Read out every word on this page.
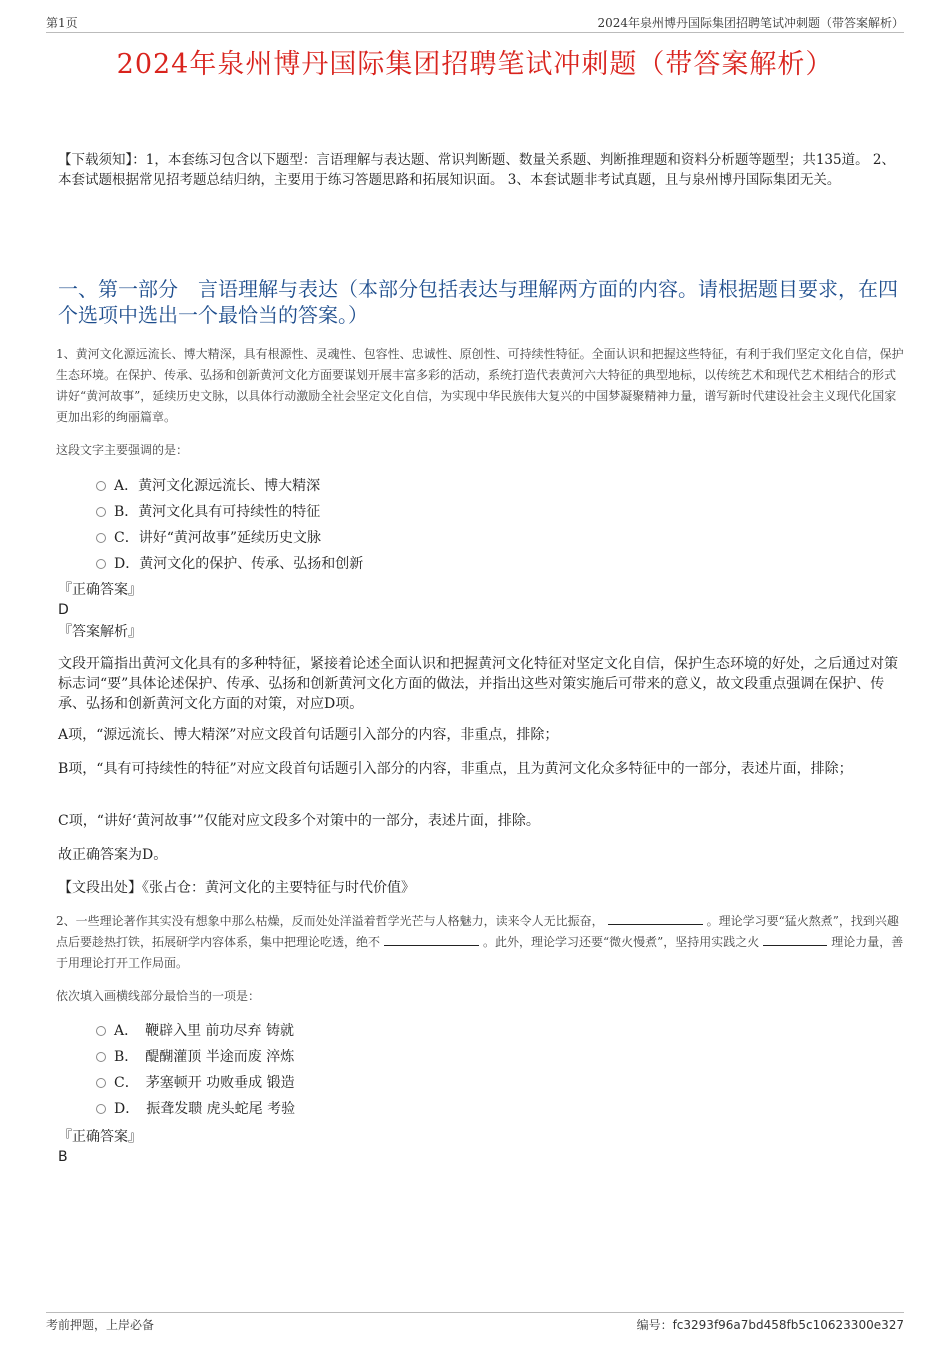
第1页	2024年泉州博丹国际集团招聘笔试冲刺题（带答案解析）
2024年泉州博丹国际集团招聘笔试冲刺题（带答案解析）
【下载须知】：1，本套练习包含以下题型：言语理解与表达题、常识判断题、数量关系题、判断推理题和资料分析题等题型；共135道。 2、本套试题根据常见招考题总结归纳，主要用于练习答题思路和拓展知识面。 3、本套试题非考试真题，且与泉州博丹国际集团无关。
一、第一部分　言语理解与表达（本部分包括表达与理解两方面的内容。请根据题目要求，在四个选项中选出一个最恰当的答案。）
1、黄河文化源远流长、博大精深，具有根源性、灵魂性、包容性、忠诚性、原创性、可持续性特征。全面认识和把握这些特征，有利于我们坚定文化自信，保护生态环境。在保护、传承、弘扬和创新黄河文化方面要谋划开展丰富多彩的活动，系统打造代表黄河六大特征的典型地标，以传统艺术和现代艺术相结合的形式讲好“黄河故事”，延续历史文脉，以具体行动激励全社会坚定文化自信，为实现中华民族伟大复兴的中国梦凝聚精神力量，谱写新时代建设社会主义现代化国家更加出彩的绚丽篇章。
这段文字主要强调的是：
A．黄河文化源远流长、博大精深
B．黄河文化具有可持续性的特征
C．讲好“黄河故事”延续历史文脉
D．黄河文化的保护、传承、弘扬和创新
『正确答案』
D
『答案解析』
文段开篇指出黄河文化具有的多种特征，紧接着论述全面认识和把握黄河文化特征对坚定文化自信，保护生态环境的好处，之后通过对策标志词“要”具体论述保护、传承、弘扬和创新黄河文化方面的做法，并指出这些对策实施后可带来的意义，故文段重点强调在保护、传承、弘扬和创新黄河文化方面的对策，对应D项。
A项，“源远流长、博大精深”对应文段首句话题引入部分的内容，非重点，排除；
B项，“具有可持续性的特征”对应文段首句话题引入部分的内容，非重点，且为黄河文化众多特征中的一部分，表述片面，排除；
C项，“讲好‘黄河故事’”仅能对应文段多个对策中的一部分，表述片面，排除。
故正确答案为D。
【文段出处】《张占仓：黄河文化的主要特征与时代价值》
2、一些理论著作其实没有想象中那么枯燥，反而处处洋溢着哲学光芒与人格魅力，读来令人无比振奋，	。理论学习要“猛火熬煮”，找到兴趣点后要趁热打铁，拓展研学内容体系，集中把理论吃透，绝不	。此外，理论学习还要“微火慢煮”，坚持用实践之火	理论力量，善于用理论打开工作局面。
依次填入画横线部分最恰当的一项是：
A．　鞭辟入里 前功尽弃 铸就
B．　醍醐灌顶 半途而废 淬炼
C．　茅塞顿开 功败垂成 锻造
D．　振聋发聩 虎头蛇尾 考验
『正确答案』
B
考前押题，上岸必备	编号：fc3293f96a7bd458fb5c10623300e327
